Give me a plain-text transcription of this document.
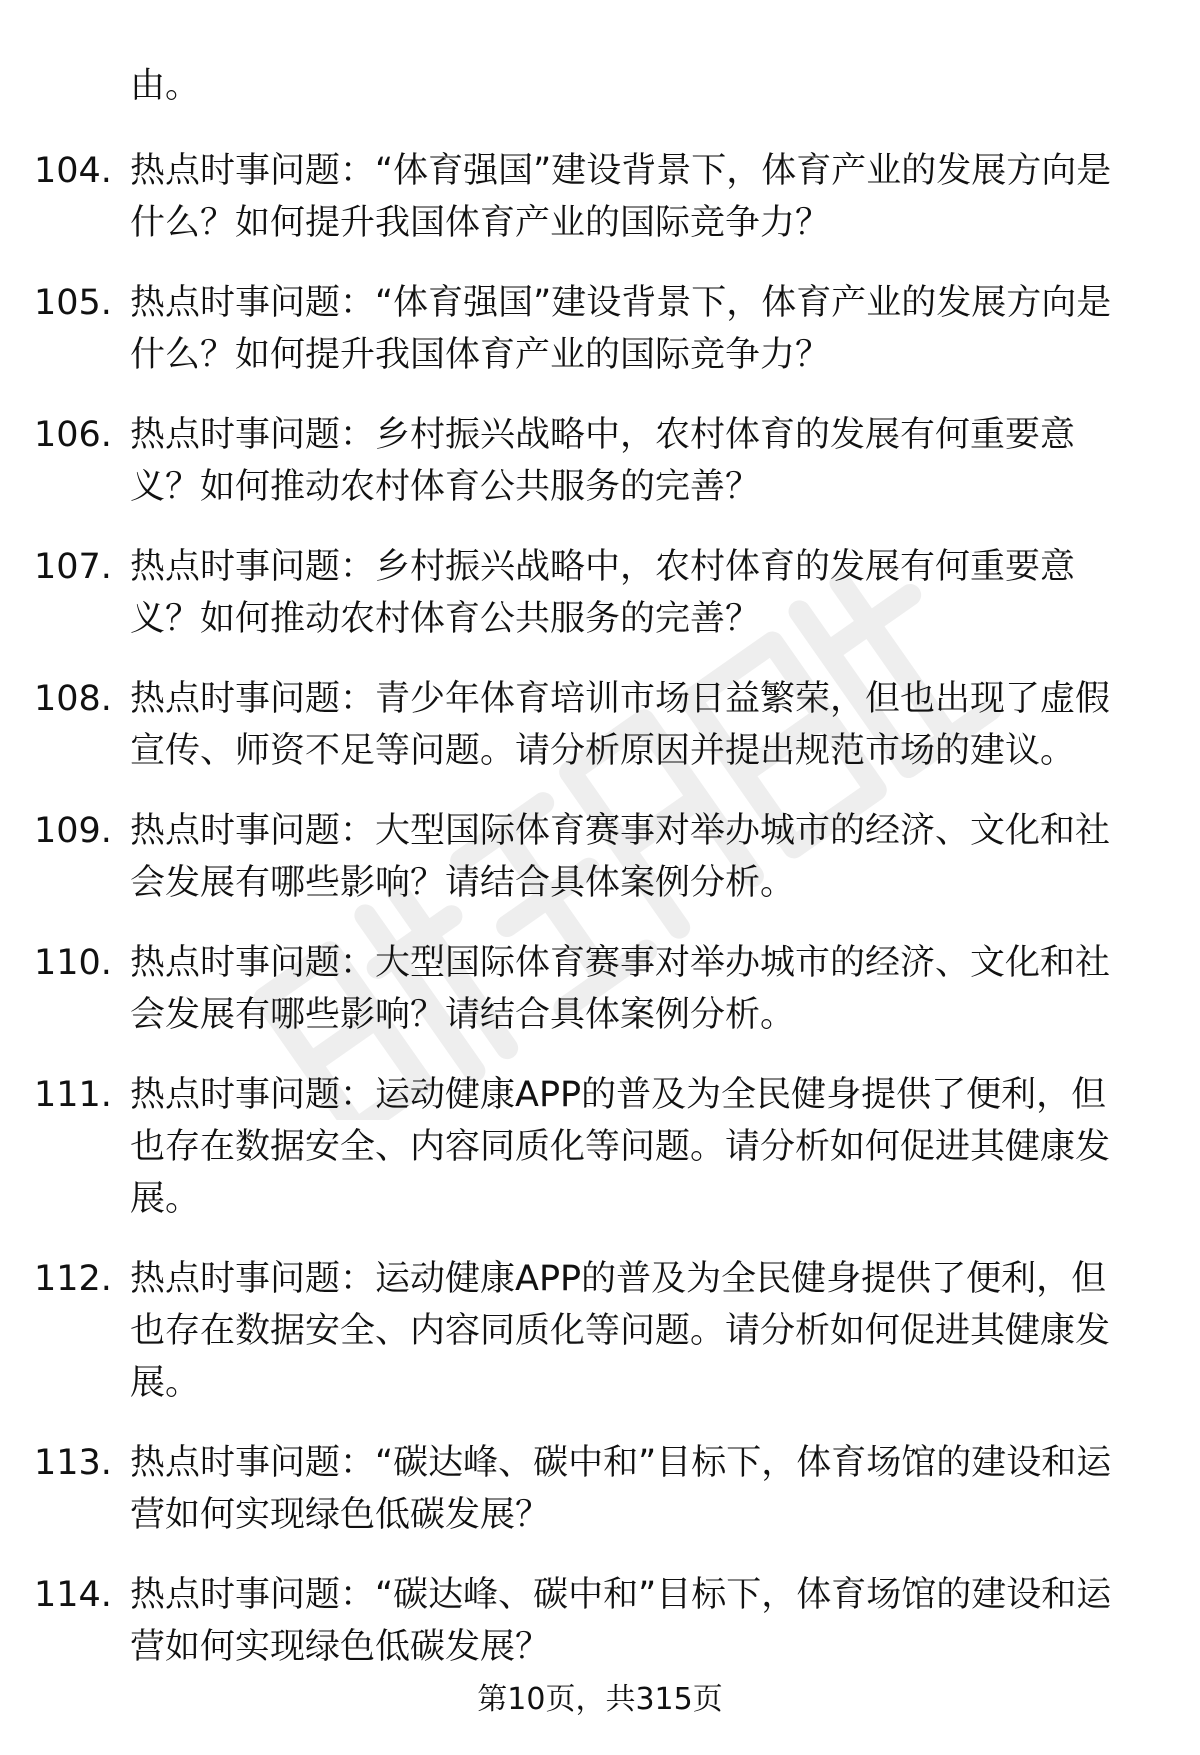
由。

104. 热点时事问题：“体育强国”建设背景下，体育产业的发展方向是什么？如何提升我国体育产业的国际竞争力？
105. 热点时事问题：“体育强国”建设背景下，体育产业的发展方向是什么？如何提升我国体育产业的国际竞争力？
106. 热点时事问题：乡村振兴战略中，农村体育的发展有何重要意义？如何推动农村体育公共服务的完善？
107. 热点时事问题：乡村振兴战略中，农村体育的发展有何重要意义？如何推动农村体育公共服务的完善？
108. 热点时事问题：青少年体育培训市场日益繁荣，但也出现了虚假宣传、师资不足等问题。请分析原因并提出规范市场的建议。
109. 热点时事问题：大型国际体育赛事对举办城市的经济、文化和社会发展有哪些影响？请结合具体案例分析。
110. 热点时事问题：大型国际体育赛事对举办城市的经济、文化和社会发展有哪些影响？请结合具体案例分析。
111. 热点时事问题：运动健康APP的普及为全民健身提供了便利，但也存在数据安全、内容同质化等问题。请分析如何促进其健康发展。
112. 热点时事问题：运动健康APP的普及为全民健身提供了便利，但也存在数据安全、内容同质化等问题。请分析如何促进其健康发展。
113. 热点时事问题：“碳达峰、碳中和”目标下，体育场馆的建设和运营如何实现绿色低碳发展？
114. 热点时事问题：“碳达峰、碳中和”目标下，体育场馆的建设和运营如何实现绿色低碳发展？
第10页，共315页
